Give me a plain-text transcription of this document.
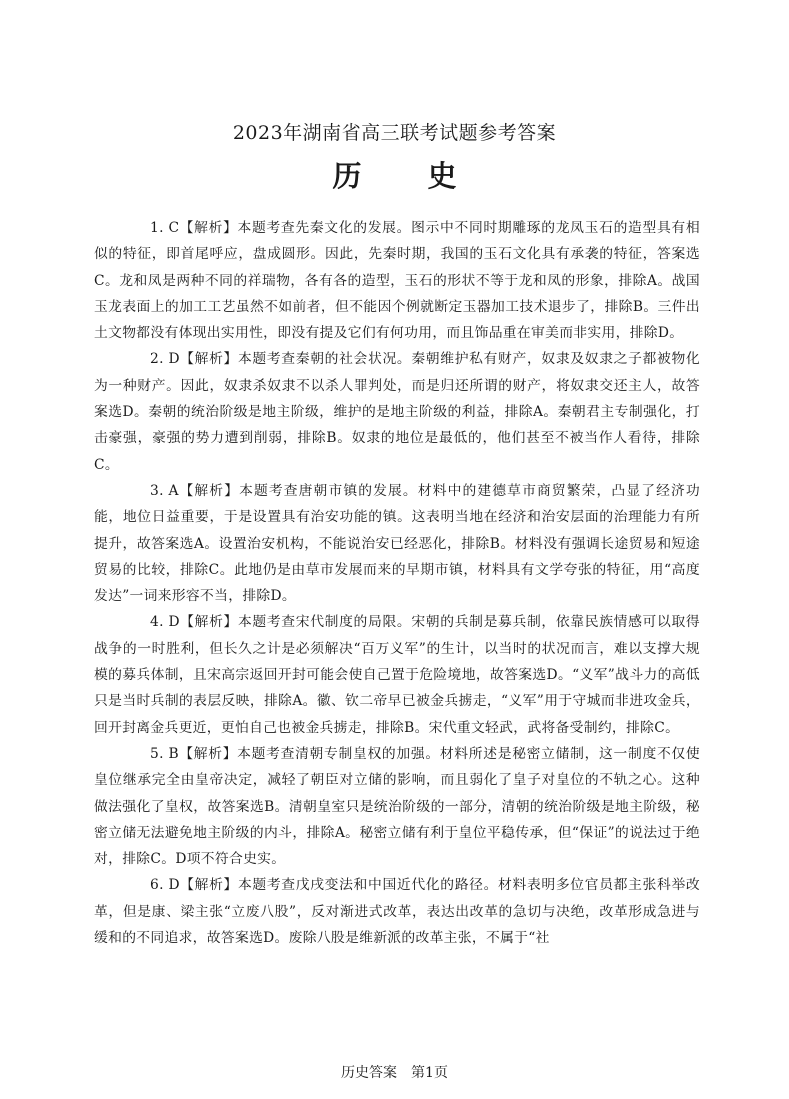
2023年湖南省高三联考试题参考答案
历 史

1. C【解析】本题考查先秦文化的发展。图示中不同时期雕琢的龙凤玉石的造型具有相似的特征，即首尾呼应，盘成圆形。因此，先秦时期，我国的玉石文化具有承袭的特征，答案选C。龙和凤是两种不同的祥瑞物，各有各的造型，玉石的形状不等于龙和凤的形象，排除A。战国玉龙表面上的加工工艺虽然不如前者，但不能因个例就断定玉器加工技术退步了，排除B。三件出土文物都没有体现出实用性，即没有提及它们有何功用，而且饰品重在审美而非实用，排除D。

2. D【解析】本题考查秦朝的社会状况。秦朝维护私有财产，奴隶及奴隶之子都被物化为一种财产。因此，奴隶杀奴隶不以杀人罪判处，而是归还所谓的财产，将奴隶交还主人，故答案选D。秦朝的统治阶级是地主阶级，维护的是地主阶级的利益，排除A。秦朝君主专制强化，打击豪强，豪强的势力遭到削弱，排除B。奴隶的地位是最低的，他们甚至不被当作人看待，排除C。

3. A【解析】本题考查唐朝市镇的发展。材料中的建德草市商贸繁荣，凸显了经济功能，地位日益重要，于是设置具有治安功能的镇。这表明当地在经济和治安层面的治理能力有所提升，故答案选A。设置治安机构，不能说治安已经恶化，排除B。材料没有强调长途贸易和短途贸易的比较，排除C。此地仍是由草市发展而来的早期市镇，材料具有文学夸张的特征，用“高度发达”一词来形容不当，排除D。

4. D【解析】本题考查宋代制度的局限。宋朝的兵制是募兵制，依靠民族情感可以取得战争的一时胜利，但长久之计是必须解决“百万义军”的生计，以当时的状况而言，难以支撑大规模的募兵体制，且宋高宗返回开封可能会使自己置于危险境地，故答案选D。“义军”战斗力的高低只是当时兵制的表层反映，排除A。徽、钦二帝早已被金兵掳走，“义军”用于守城而非进攻金兵，回开封离金兵更近，更怕自己也被金兵掳走，排除B。宋代重文轻武，武将备受制约，排除C。

5. B【解析】本题考查清朝专制皇权的加强。材料所述是秘密立储制，这一制度不仅使皇位继承完全由皇帝决定，减轻了朝臣对立储的影响，而且弱化了皇子对皇位的不轨之心。这种做法强化了皇权，故答案选B。清朝皇室只是统治阶级的一部分，清朝的统治阶级是地主阶级，秘密立储无法避免地主阶级的内斗，排除A。秘密立储有利于皇位平稳传承，但“保证”的说法过于绝对，排除C。D项不符合史实。

6. D【解析】本题考查戊戌变法和中国近代化的路径。材料表明多位官员都主张科举改革，但是康、梁主张“立废八股”，反对渐进式改革，表达出改革的急切与决绝，改革形成急进与缓和的不同追求，故答案选D。废除八股是维新派的改革主张，不属于“社

历史答案　第1页
